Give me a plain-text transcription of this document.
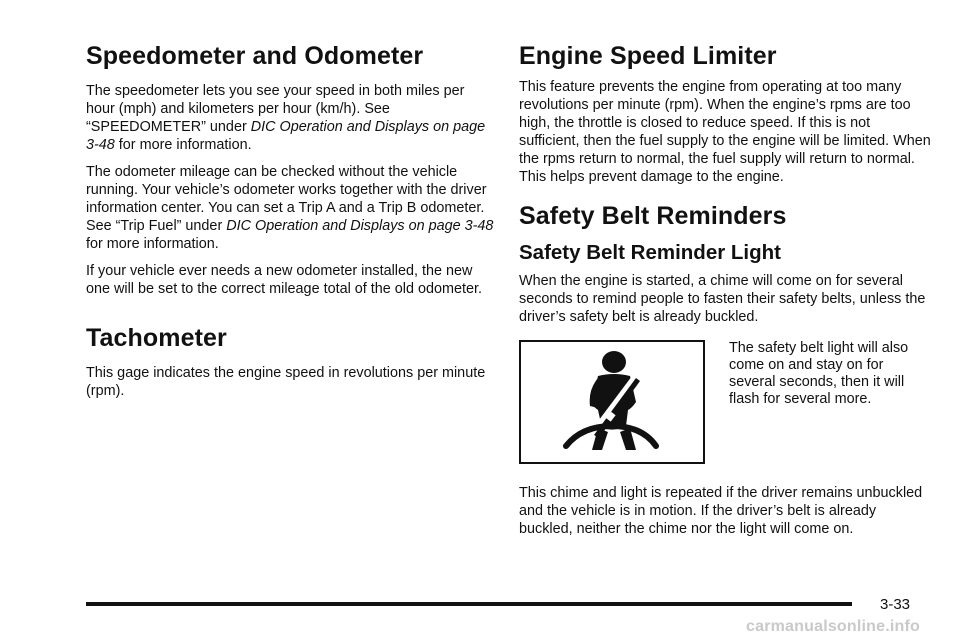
Speedometer and Odometer

The speedometer lets you see your speed in both miles per hour (mph) and kilometers per hour (km/h). See “SPEEDOMETER” under DIC Operation and Displays on page 3-48 for more information.

The odometer mileage can be checked without the vehicle running. Your vehicle’s odometer works together with the driver information center. You can set a Trip A and a Trip B odometer. See “Trip Fuel” under DIC Operation and Displays on page 3-48 for more information.

If your vehicle ever needs a new odometer installed, the new one will be set to the correct mileage total of the old odometer.

Tachometer

This gage indicates the engine speed in revolutions per minute (rpm).

Engine Speed Limiter

This feature prevents the engine from operating at too many revolutions per minute (rpm). When the engine’s rpms are too high, the throttle is closed to reduce speed. If this is not sufficient, then the fuel supply to the engine will be limited. When the rpms return to normal, the fuel supply will return to normal. This helps prevent damage to the engine.

Safety Belt Reminders
Safety Belt Reminder Light

When the engine is started, a chime will come on for several seconds to remind people to fasten their safety belts, unless the driver’s safety belt is already buckled.

The safety belt light will also come on and stay on for several seconds, then it will flash for several more.

This chime and light is repeated if the driver remains unbuckled and the vehicle is in motion. If the driver’s belt is already buckled, neither the chime nor the light will come on.

3-33
carmanualsonline.info
